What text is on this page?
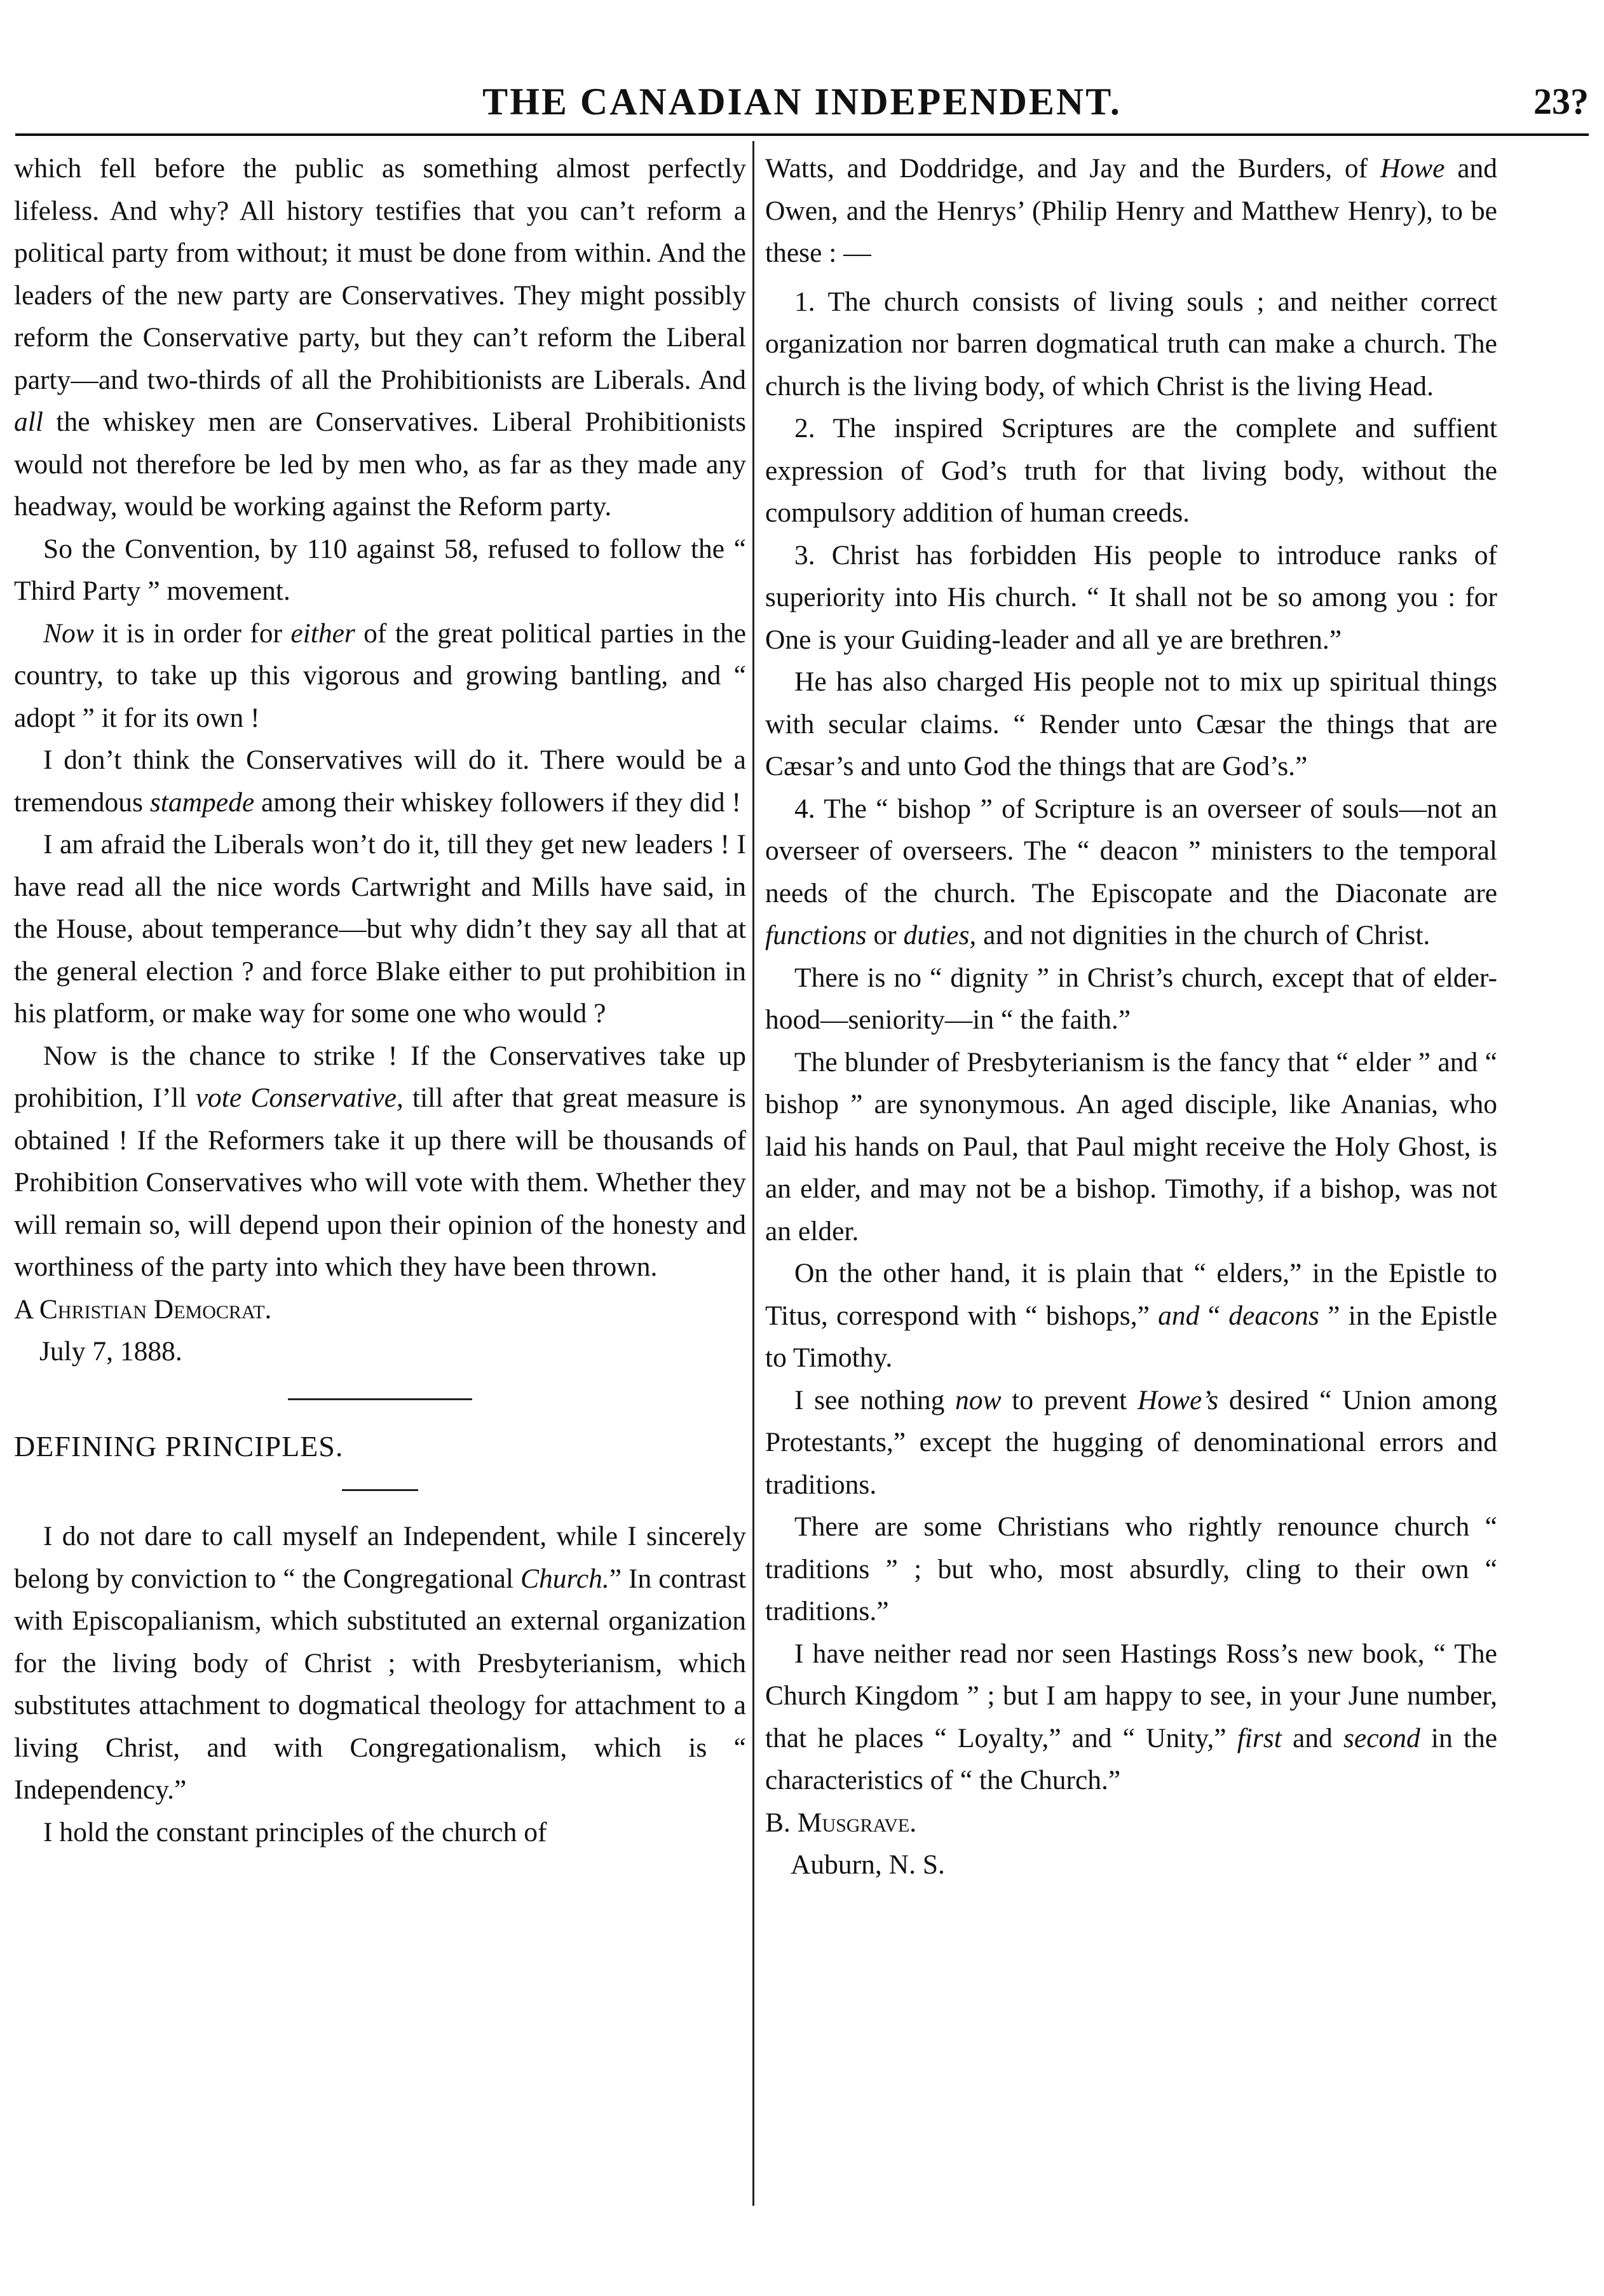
THE CANADIAN INDEPENDENT.	23?

which fell before the public as something almost perfectly lifeless. And why? All history testifies that you can’t reform a political party from without; it must be done from within. And the leaders of the new party are Conservatives. They might possibly reform the Conservative party, but they can’t reform the Liberal party—and two-thirds of all the Prohibitionists are Liberals. And all the whiskey men are Conservatives. Liberal Prohibitionists would not therefore be led by men who, as far as they made any headway, would be working against the Reform party.

So the Convention, by 110 against 58, refused to follow the “ Third Party ” movement.

Now it is in order for either of the great political parties in the country, to take up this vigorous and growing bantling, and “ adopt ” it for its own !

I don’t think the Conservatives will do it. There would be a tremendous stampede among their whiskey followers if they did !

I am afraid the Liberals won’t do it, till they get new leaders ! I have read all the nice words Cartwright and Mills have said, in the House, about temperance—but why didn’t they say all that at the general election ? and force Blake either to put prohibition in his platform, or make way for some one who would ?

Now is the chance to strike ! If the Conservatives take up prohibition, I’ll vote Conservative, till after that great measure is obtained ! If the Reformers take it up there will be thousands of Prohibition Conservatives who will vote with them. Whether they will remain so, will depend upon their opinion of the honesty and worthiness of the party into which they have been thrown.

A Christian Democrat.

July 7, 1888.

DEFINING PRINCIPLES.

I do not dare to call myself an Independent, while I sincerely belong by conviction to “ the Congregational Church.” In contrast with Episcopalianism, which substituted an external organization for the living body of Christ ; with Presbyterianism, which substitutes attachment to dogmatical theology for attachment to a living Christ, and with Congregationalism, which is “ Independency.”

I hold the constant principles of the church of

Watts, and Doddridge, and Jay and the Burders, of Howe and Owen, and the Henrys’ (Philip Henry and Matthew Henry), to be these : —

1. The church consists of living souls ; and neither correct organization nor barren dogmatical truth can make a church. The church is the living body, of which Christ is the living Head.

2. The inspired Scriptures are the complete and suffient expression of God’s truth for that living body, without the compulsory addition of human creeds.

3. Christ has forbidden His people to introduce ranks of superiority into His church. “ It shall not be so among you : for One is your Guiding-leader and all ye are brethren.”

He has also charged His people not to mix up spiritual things with secular claims. “ Render unto Cæsar the things that are Cæsar’s and unto God the things that are God’s.”

4. The “ bishop ” of Scripture is an overseer of souls—not an overseer of overseers. The “ deacon ” ministers to the temporal needs of the church. The Episcopate and the Diaconate are functions or duties, and not dignities in the church of Christ.

There is no “ dignity ” in Christ’s church, except that of elder-hood—seniority—in “ the faith.”

The blunder of Presbyterianism is the fancy that “ elder ” and “ bishop ” are synonymous. An aged disciple, like Ananias, who laid his hands on Paul, that Paul might receive the Holy Ghost, is an elder, and may not be a bishop. Timothy, if a bishop, was not an elder.

On the other hand, it is plain that “ elders,” in the Epistle to Titus, correspond with “ bishops,” and “ deacons ” in the Epistle to Timothy.

I see nothing now to prevent Howe’s desired “ Union among Protestants,” except the hugging of denominational errors and traditions.

There are some Christians who rightly renounce church “ traditions ” ; but who, most absurdly, cling to their own “ traditions.”

I have neither read nor seen Hastings Ross’s new book, “ The Church Kingdom ” ; but I am happy to see, in your June number, that he places “ Loyalty,” and “ Unity,” first and second in the characteristics of “ the Church.”

B. Musgrave.

Auburn, N. S.
